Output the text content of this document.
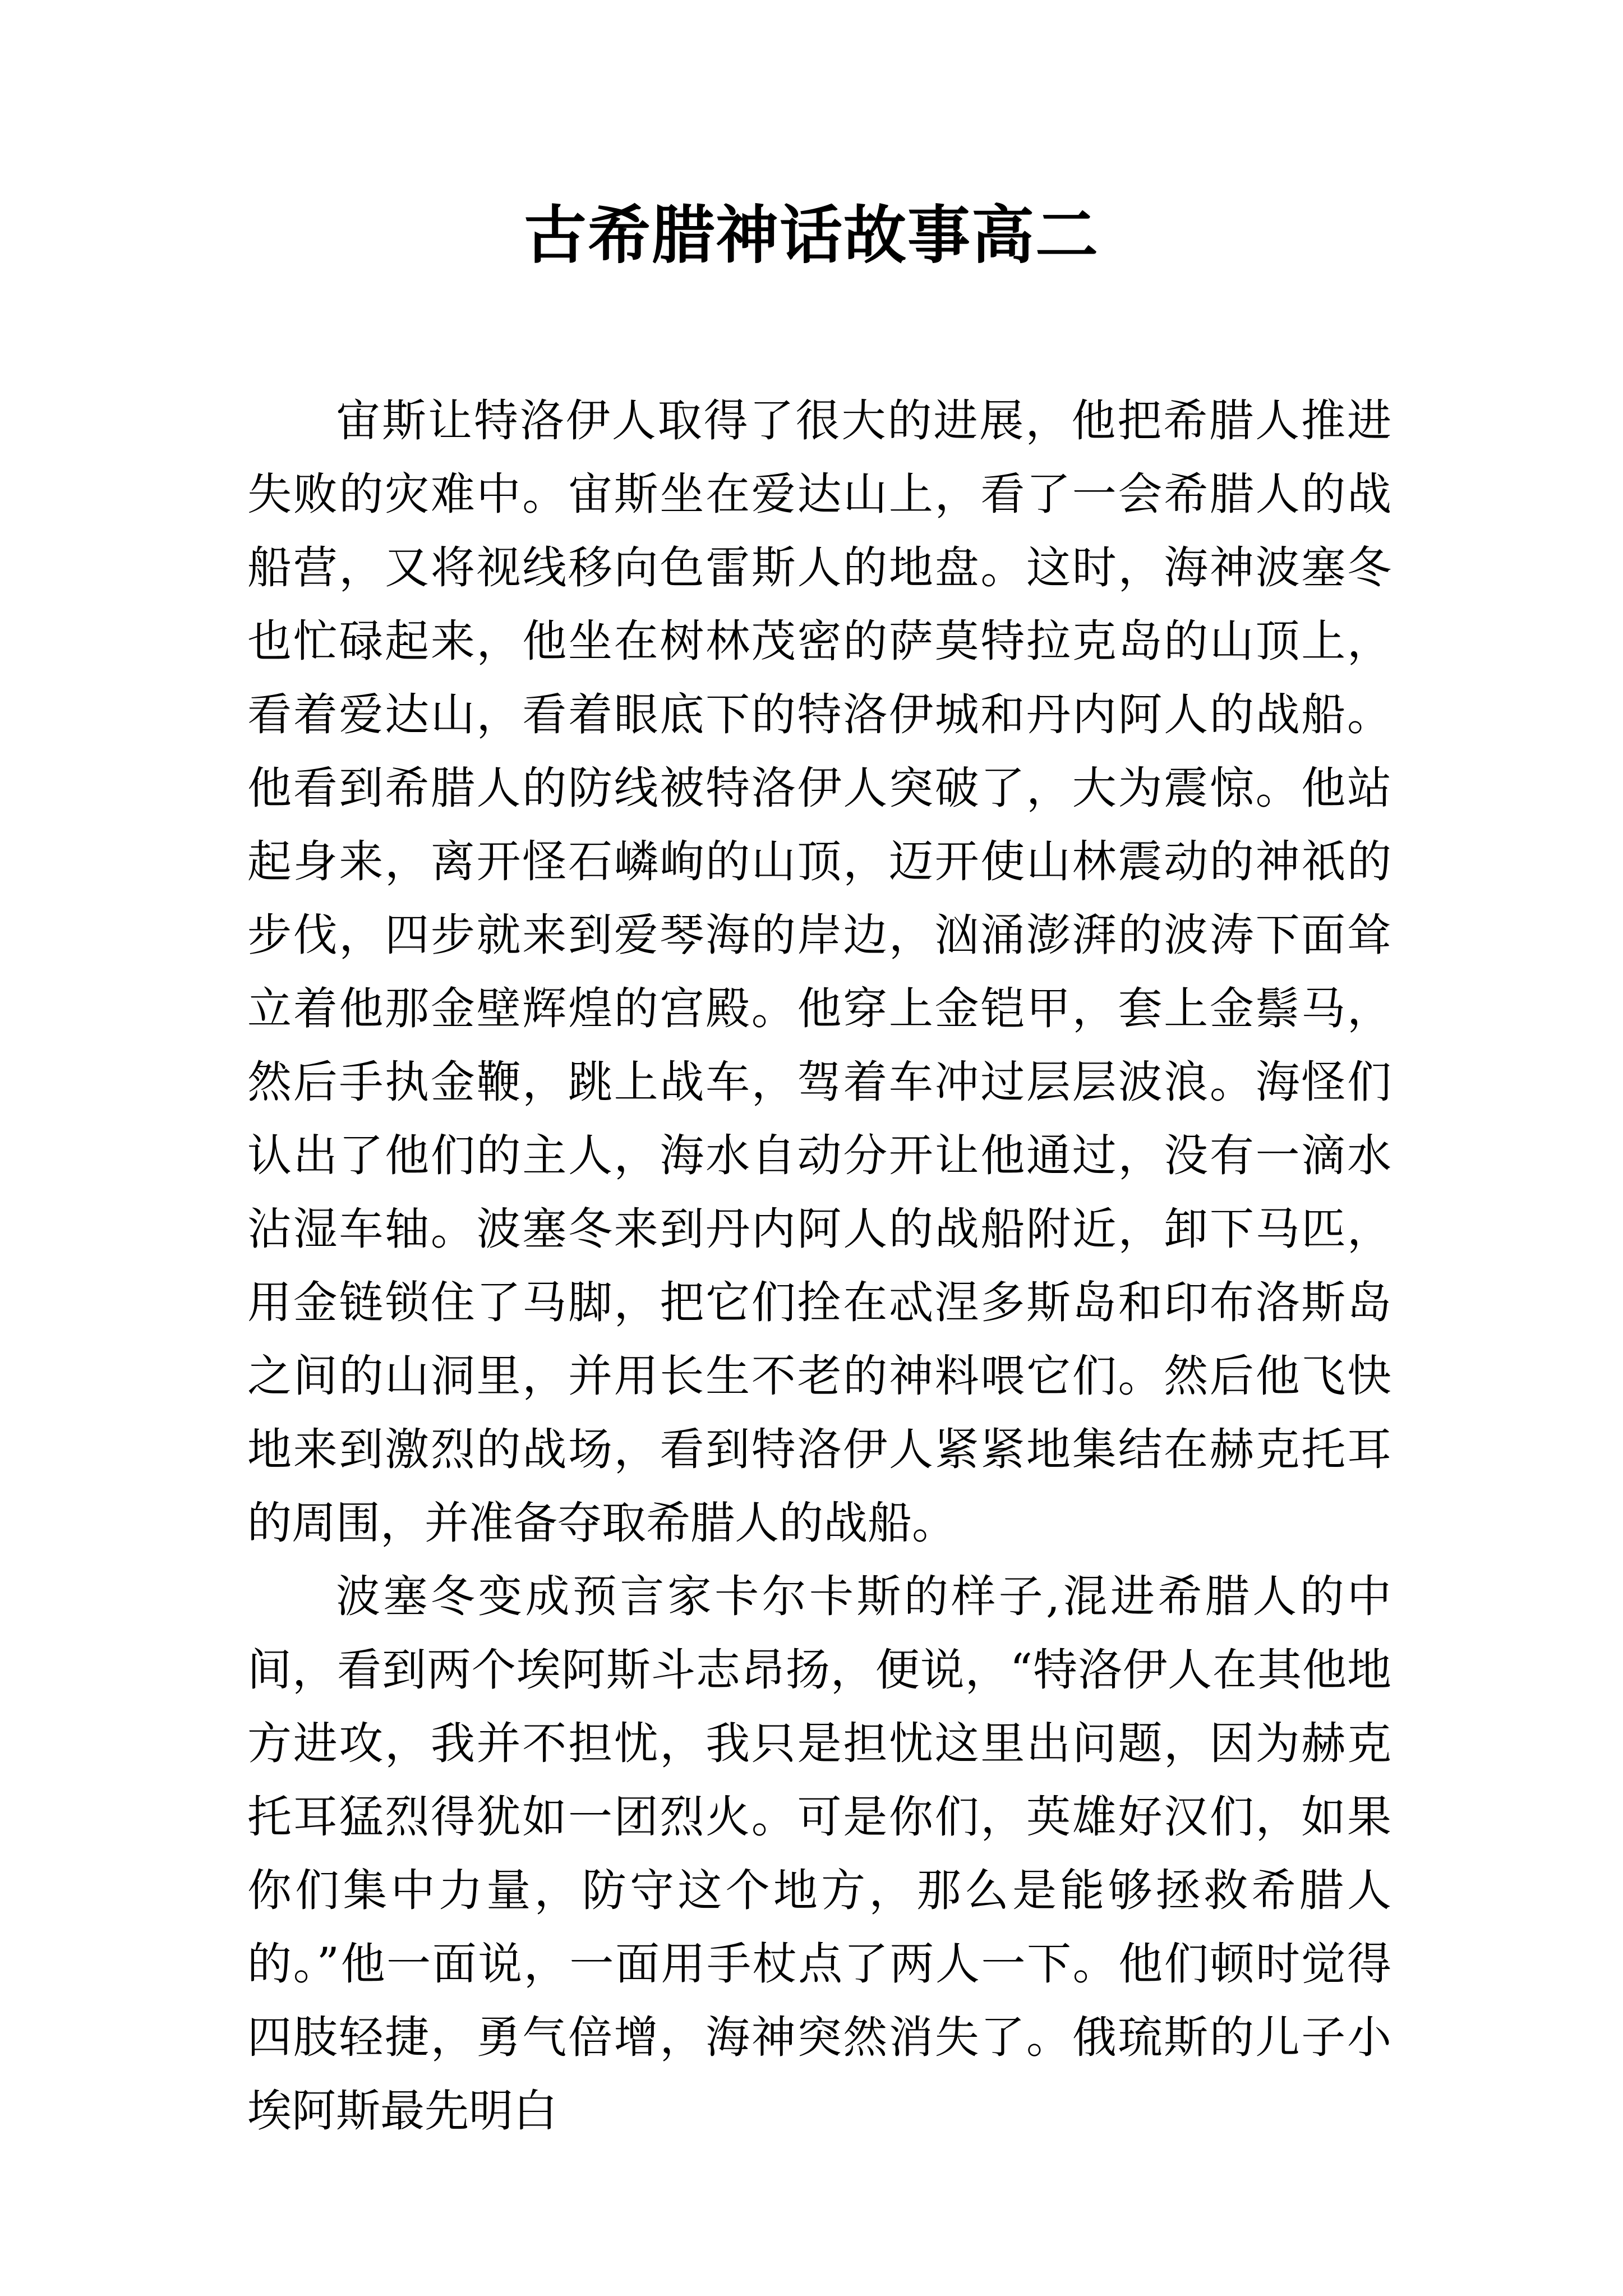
古希腊神话故事高二

宙斯让特洛伊人取得了很大的进展，他把希腊人推进失败的灾难中。宙斯坐在爱达山上，看了一会希腊人的战船营，又将视线移向色雷斯人的地盘。这时，海神波塞冬也忙碌起来，他坐在树林茂密的萨莫特拉克岛的山顶上，看着爱达山，看着眼底下的特洛伊城和丹内阿人的战船。他看到希腊人的防线被特洛伊人突破了，大为震惊。他站起身来，离开怪石嶙峋的山顶，迈开使山林震动的神祇的步伐，四步就来到爱琴海的岸边，汹涌澎湃的波涛下面耸立着他那金壁辉煌的宫殿。他穿上金铠甲，套上金鬃马，然后手执金鞭，跳上战车，驾着车冲过层层波浪。海怪们认出了他们的主人，海水自动分开让他通过，没有一滴水沾湿车轴。波塞冬来到丹内阿人的战船附近，卸下马匹，用金链锁住了马脚，把它们拴在忒涅多斯岛和印布洛斯岛之间的山洞里，并用长生不老的神料喂它们。然后他飞快地来到激烈的战场，看到特洛伊人紧紧地集结在赫克托耳的周围，并准备夺取希腊人的战船。

波塞冬变成预言家卡尔卡斯的样子,混进希腊人的中间，看到两个埃阿斯斗志昂扬，便说，“特洛伊人在其他地方进攻，我并不担忧，我只是担忧这里出问题，因为赫克托耳猛烈得犹如一团烈火。可是你们，英雄好汉们，如果你们集中力量，防守这个地方，那么是能够拯救希腊人的。”他一面说，一面用手杖点了两人一下。他们顿时觉得四肢轻捷，勇气倍增，海神突然消失了。俄琉斯的儿子小埃阿斯最先明白
